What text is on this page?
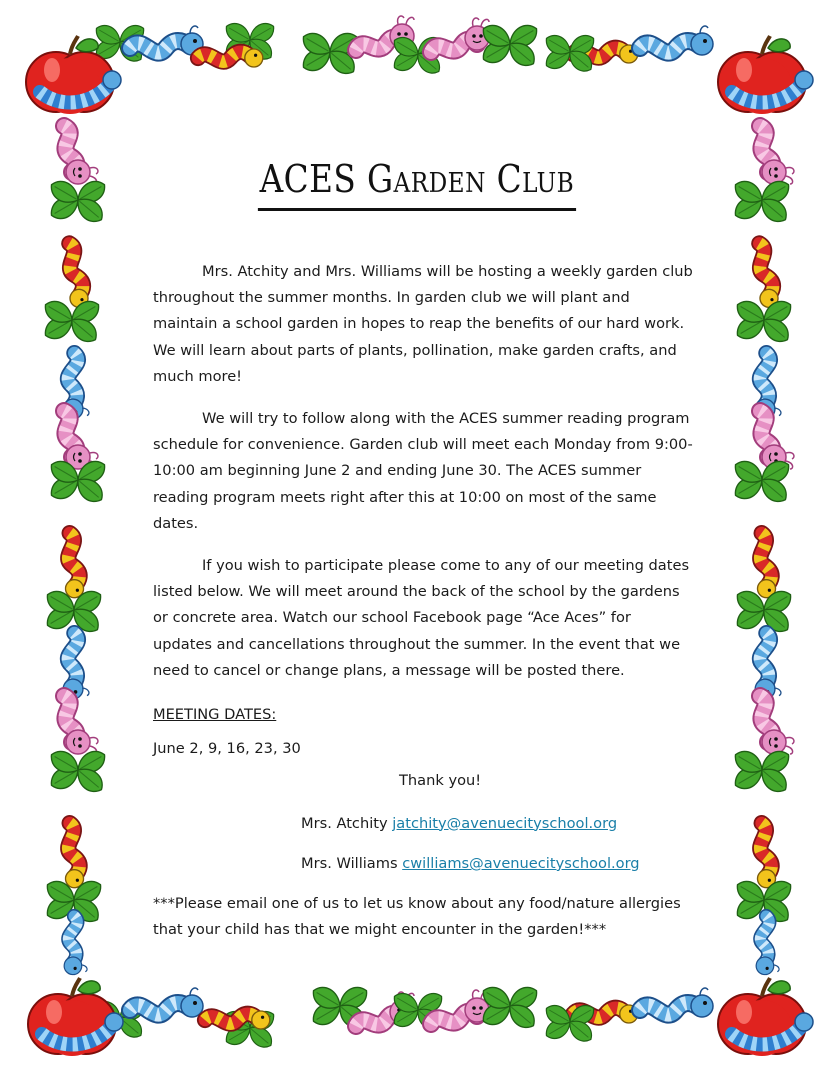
ACES Garden Club

Mrs. Atchity and Mrs. Williams will be hosting a weekly garden club throughout the summer months. In garden club we will plant and maintain a school garden in hopes to reap the benefits of our hard work. We will learn about parts of plants, pollination, make garden crafts, and much more!

We will try to follow along with the ACES summer reading program schedule for convenience. Garden club will meet each Monday from 9:00-10:00 am beginning June 2 and ending June 30. The ACES summer reading program meets right after this at 10:00 on most of the same dates.

If you wish to participate please come to any of our meeting dates listed below. We will meet around the back of the school by the gardens or concrete area. Watch our school Facebook page “Ace Aces” for updates and cancellations throughout the summer. In the event that we need to cancel or change plans, a message will be posted there.

MEETING DATES:

June 2, 9, 16, 23, 30

Thank you!

Mrs. Atchity jatchity@avenuecityschool.org

Mrs. Williams cwilliams@avenuecityschool.org

***Please email one of us to let us know about any food/nature allergies that your child has that we might encounter in the garden!***
